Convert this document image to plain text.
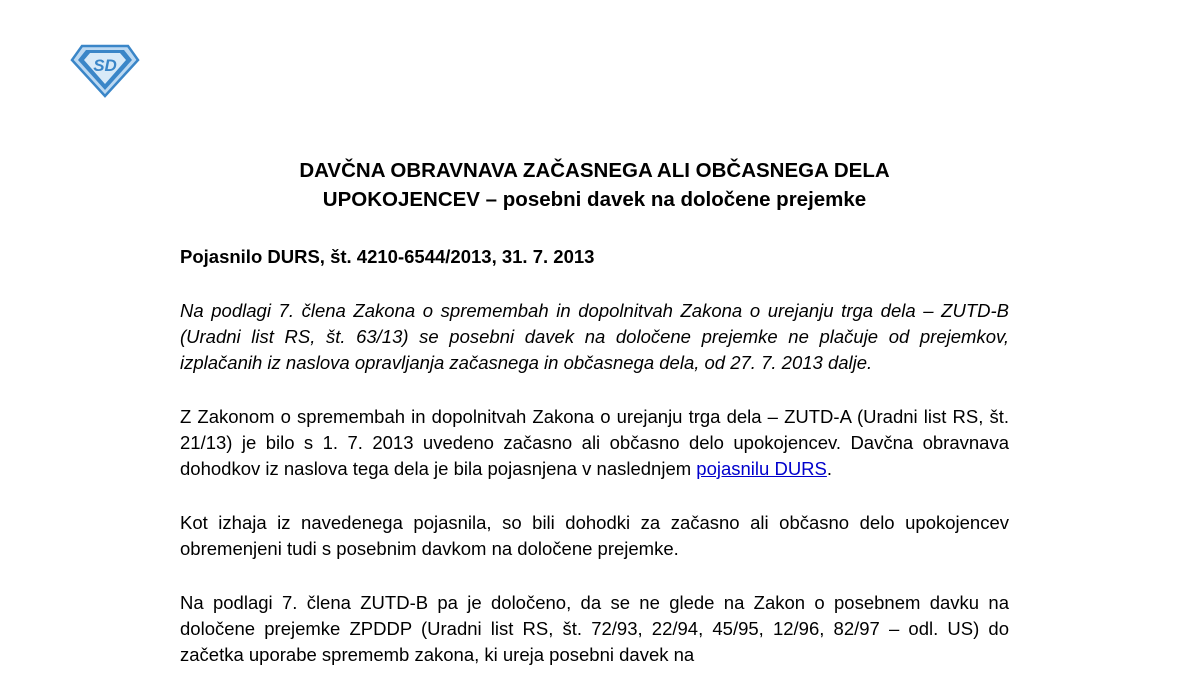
SD
DAVČNA OBRAVNAVA ZAČASNEGA ALI OBČASNEGA DELA
UPOKOJENCEV – posebni davek na določene prejemke

Pojasnilo DURS, št. 4210-6544/2013, 31. 7. 2013

Na podlagi 7. člena Zakona o spremembah in dopolnitvah Zakona o urejanju trga dela – ZUTD-B (Uradni list RS, št. 63/13) se posebni davek na določene prejemke ne plačuje od prejemkov, izplačanih iz naslova opravljanja začasnega in občasnega dela, od 27. 7. 2013 dalje.

Z Zakonom o spremembah in dopolnitvah Zakona o urejanju trga dela – ZUTD-A (Uradni list RS, št. 21/13) je bilo s 1. 7. 2013 uvedeno začasno ali občasno delo upokojencev. Davčna obravnava dohodkov iz naslova tega dela je bila pojasnjena v naslednjem pojasnilu DURS.

Kot izhaja iz navedenega pojasnila, so bili dohodki za začasno ali občasno delo upokojencev obremenjeni tudi s posebnim davkom na določene prejemke.

Na podlagi 7. člena ZUTD-B pa je določeno, da se ne glede na Zakon o posebnem davku na določene prejemke ZPDDP (Uradni list RS, št. 72/93, 22/94, 45/95, 12/96, 82/97 – odl. US) do začetka uporabe sprememb zakona, ki ureja posebni davek na
